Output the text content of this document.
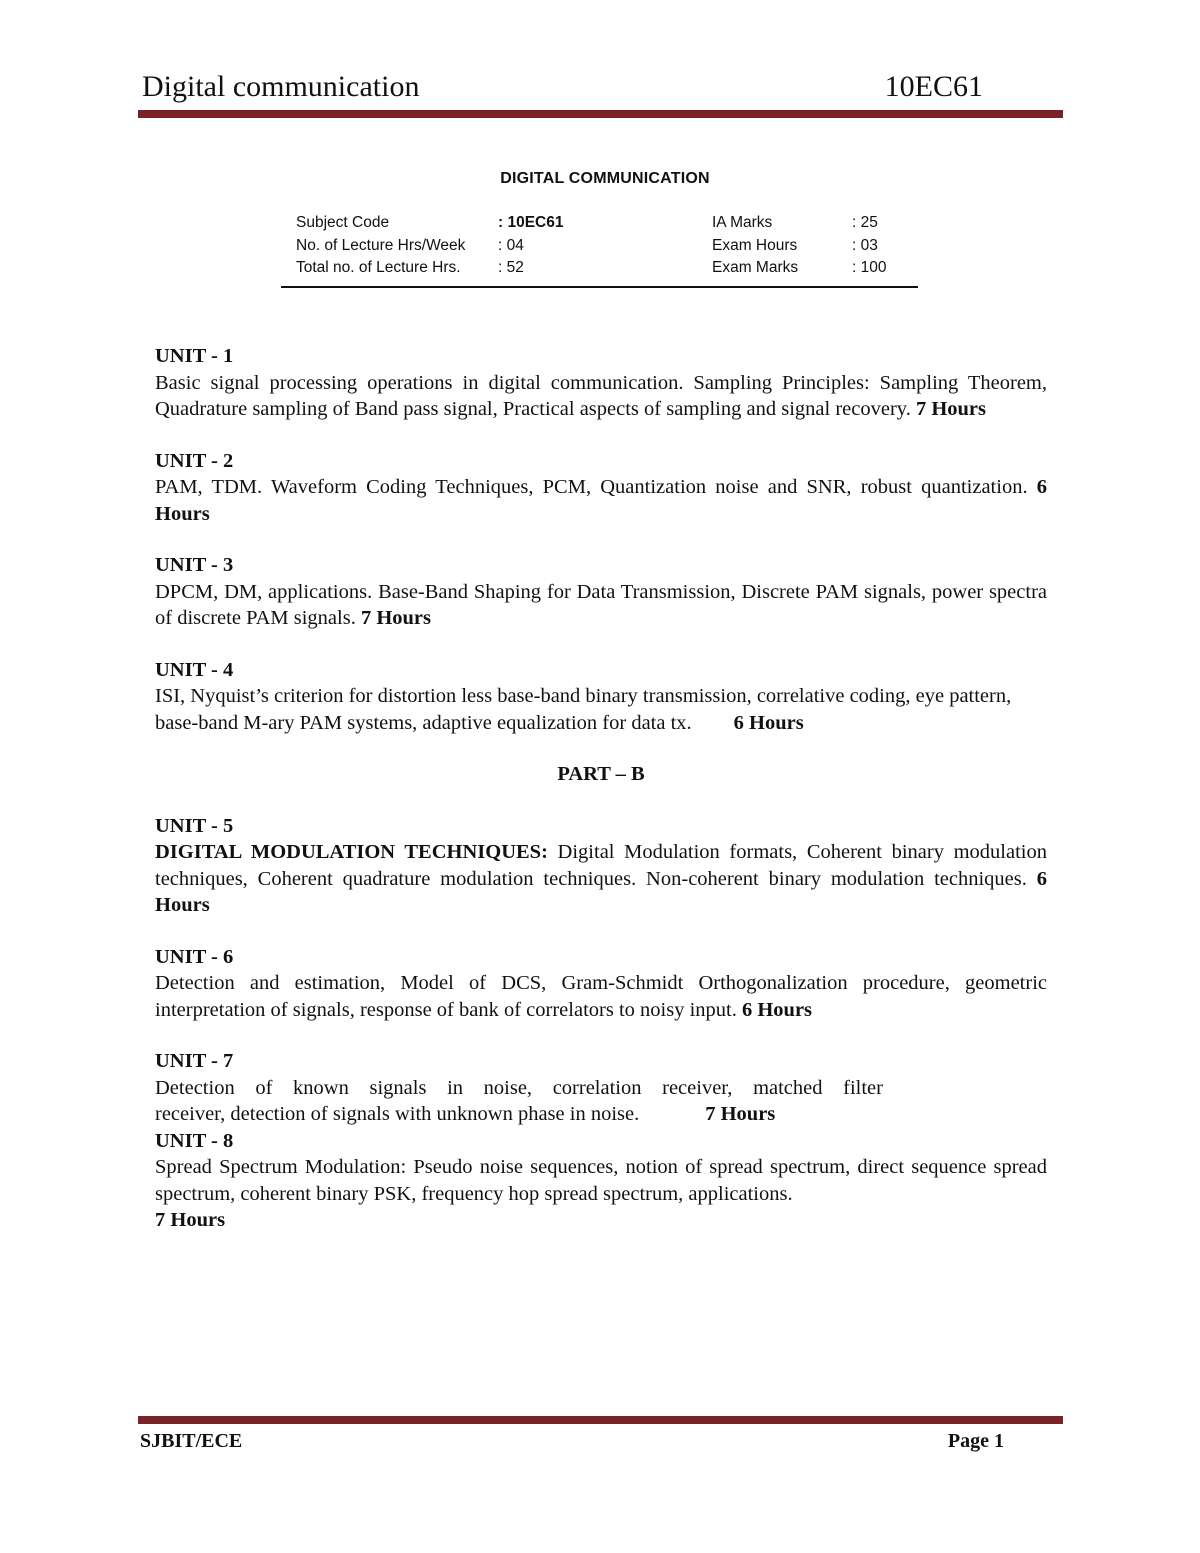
Digital communication	10EC61
DIGITAL COMMUNICATION
Subject Code	: 10EC61	IA Marks	: 25
No. of Lecture Hrs/Week : 04	Exam Hours	: 03
Total no. of Lecture Hrs. : 52	Exam Marks	: 100
UNIT - 1
Basic signal processing operations in digital communication. Sampling Principles: Sampling Theorem, Quadrature sampling of Band pass signal, Practical aspects of sampling and signal recovery. 7 Hours
UNIT - 2
PAM, TDM. Waveform Coding Techniques, PCM, Quantization noise and SNR, robust quantization. 6 Hours
UNIT - 3
DPCM, DM, applications. Base-Band Shaping for Data Transmission, Discrete PAM signals, power spectra of discrete PAM signals. 7 Hours
UNIT - 4
ISI, Nyquist’s criterion for distortion less base-band binary transmission, correlative coding, eye pattern, base-band M-ary PAM systems, adaptive equalization for data tx. 6 Hours

PART – B

UNIT - 5
DIGITAL MODULATION TECHNIQUES: Digital Modulation formats, Coherent binary modulation techniques, Coherent quadrature modulation techniques. Non-coherent binary modulation techniques. 6 Hours
UNIT - 6
Detection and estimation, Model of DCS, Gram-Schmidt Orthogonalization procedure, geometric interpretation of signals, response of bank of correlators to noisy input. 6 Hours
UNIT - 7
Detection of known signals in noise, correlation receiver, matched filter
receiver, detection of signals with unknown phase in noise.	7 Hours
UNIT - 8
Spread Spectrum Modulation: Pseudo noise sequences, notion of spread spectrum, direct sequence spread spectrum, coherent binary PSK, frequency hop spread spectrum, applications.
7 Hours
SJBIT/ECE	Page 1
